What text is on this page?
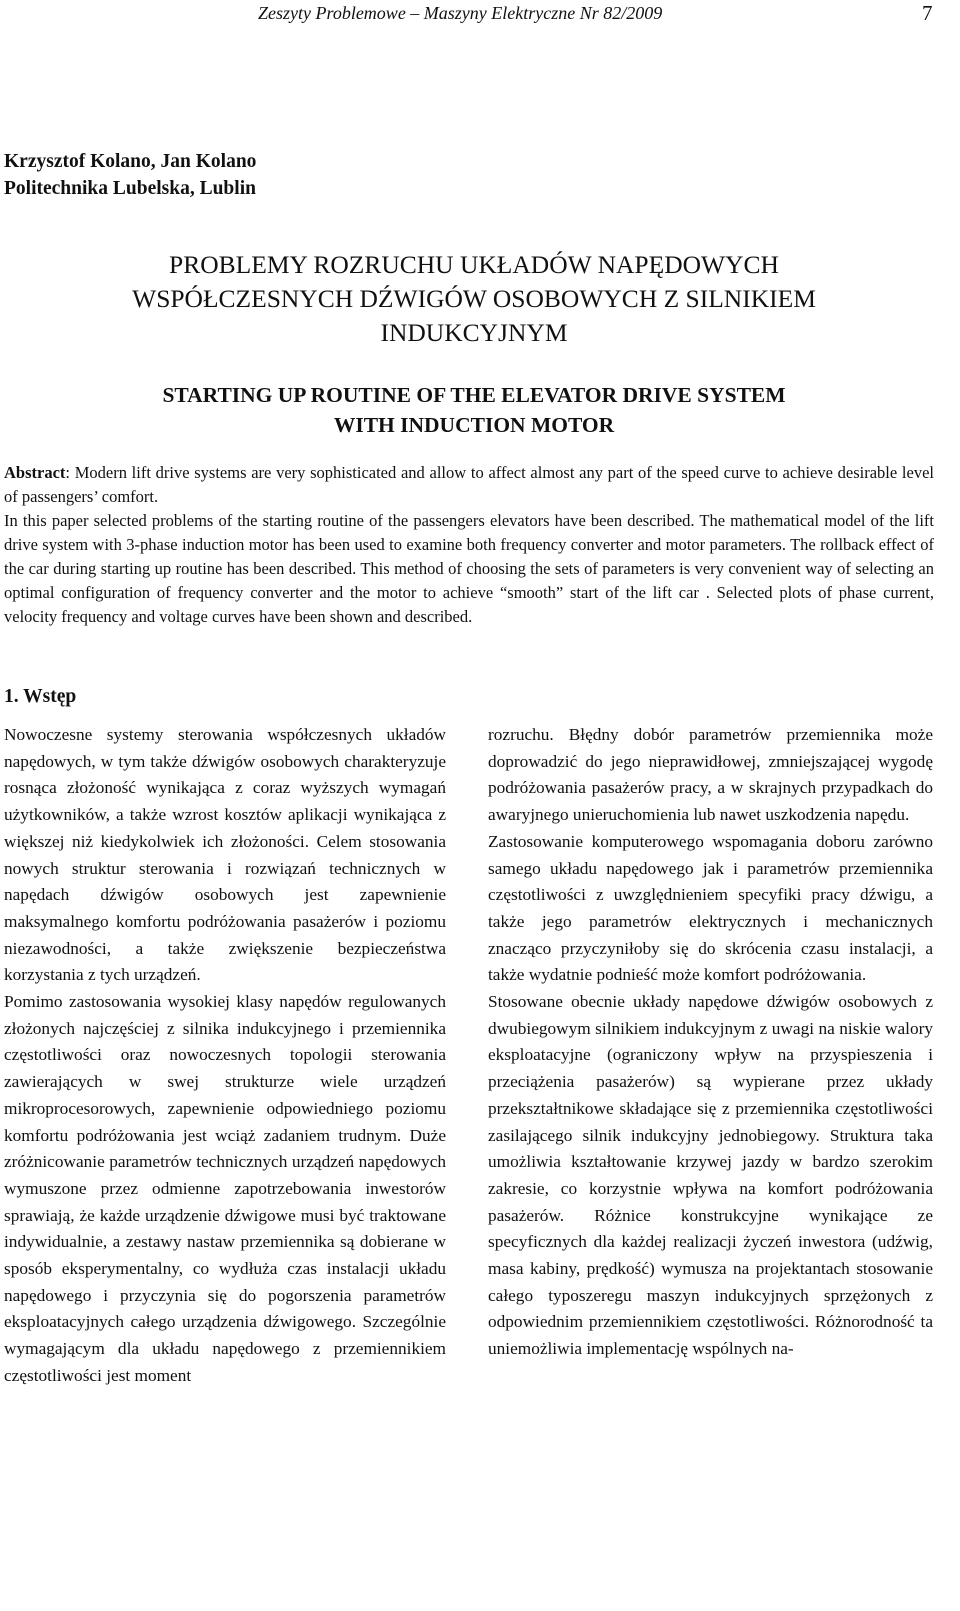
Zeszyty Problemowe – Maszyny Elektryczne Nr 82/2009	7
Krzysztof Kolano, Jan Kolano
Politechnika Lubelska, Lublin
PROBLEMY ROZRUCHU UKŁADÓW NAPĘDOWYCH
WSPÓŁCZESNYCH DŹWIGÓW OSOBOWYCH Z SILNIKIEM
INDUKCYJNYM
STARTING UP ROUTINE OF THE ELEVATOR DRIVE SYSTEM
WITH INDUCTION MOTOR

Abstract: Modern lift drive systems are very sophisticated and allow to affect almost any part of the speed curve to achieve desirable level of passengers’ comfort.

In this paper selected problems of the starting routine of the passengers elevators have been described. The mathematical model of the lift drive system with 3-phase induction motor has been used to examine both frequency converter and motor parameters. The rollback effect of the car during starting up routine has been described. This method of choosing the sets of parameters is very convenient way of selecting an optimal configuration of frequency converter and the motor to achieve “smooth” start of the lift car . Selected plots of phase current, velocity frequency and voltage curves have been shown and described.

1. Wstęp

Nowoczesne systemy sterowania współczesnych układów napędowych, w tym także dźwigów osobowych charakteryzuje rosnąca złożoność wynikająca z coraz wyższych wymagań użytkowników, a także wzrost kosztów aplikacji wynikająca z większej niż kiedykolwiek ich złożoności. Celem stosowania nowych struktur sterowania i rozwiązań technicznych w napędach dźwigów osobowych jest zapewnienie maksymalnego komfortu podróżowania pasażerów i poziomu niezawodności, a także zwiększenie bezpieczeństwa korzystania z tych urządzeń.

Pomimo zastosowania wysokiej klasy napędów regulowanych złożonych najczęściej z silnika indukcyjnego i przemiennika częstotliwości oraz nowoczesnych topologii sterowania zawierających w swej strukturze wiele urządzeń mikroprocesorowych, zapewnienie odpowiedniego poziomu komfortu podróżowania jest wciąż zadaniem trudnym. Duże zróżnicowanie parametrów technicznych urządzeń napędowych wymuszone przez odmienne zapotrzebowania inwestorów sprawiają, że każde urządzenie dźwigowe musi być traktowane indywidualnie, a zestawy nastaw przemiennika są dobierane w sposób eksperymentalny, co wydłuża czas instalacji układu napędowego i przyczynia się do pogorszenia parametrów eksploatacyjnych całego urządzenia dźwigowego. Szczególnie wymagającym dla układu napędowego z przemiennikiem częstotliwości jest moment

rozruchu. Błędny dobór parametrów przemiennika może doprowadzić do jego nieprawidłowej, zmniejszającej wygodę podróżowania pasażerów pracy, a w skrajnych przypadkach do awaryjnego unieruchomienia lub nawet uszkodzenia napędu.

Zastosowanie komputerowego wspomagania doboru zarówno samego układu napędowego jak i parametrów przemiennika częstotliwości z uwzględnieniem specyfiki pracy dźwigu, a także jego parametrów elektrycznych i mechanicznych znacząco przyczyniłoby się do skrócenia czasu instalacji, a także wydatnie podnieść może komfort podróżowania.

Stosowane obecnie układy napędowe dźwigów osobowych z dwubiegowym silnikiem indukcyjnym z uwagi na niskie walory eksploatacyjne (ograniczony wpływ na przyspieszenia i przeciążenia pasażerów) są wypierane przez układy przekształtnikowe składające się z przemiennika częstotliwości zasilającego silnik indukcyjny jednobiegowy. Struktura taka umożliwia kształtowanie krzywej jazdy w bardzo szerokim zakresie, co korzystnie wpływa na komfort podróżowania pasażerów. Różnice konstrukcyjne wynikające ze specyficznych dla każdej realizacji życzeń inwestora (udźwig, masa kabiny, prędkość) wymusza na projektantach stosowanie całego typoszeregu maszyn indukcyjnych sprzężonych z odpowiednim przemiennikiem częstotliwości. Różnorodność ta uniemożliwia implementację wspólnych na-
